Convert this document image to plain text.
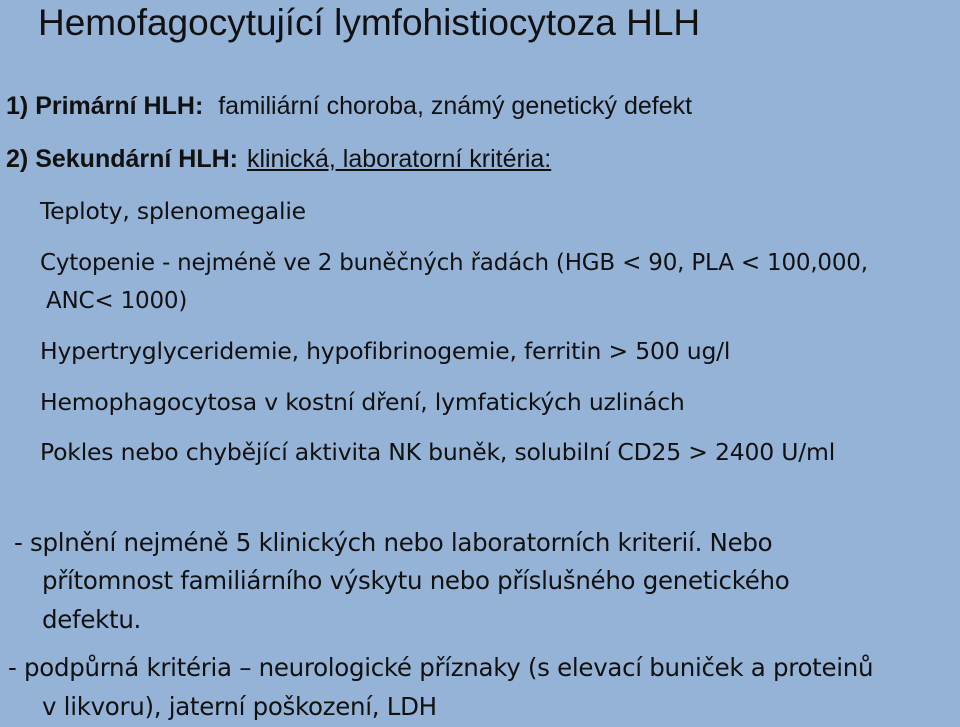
Hemofagocytující lymfohistiocytoza HLH
1) Primární HLH: familiární choroba, známý genetický defekt
2) Sekundární HLH: klinická, laboratorní kritéria:
Teploty, splenomegalie
Cytopenie - nejméně ve 2 buněčných řadách (HGB < 90, PLA < 100,000,
ANC< 1000)
Hypertryglyceridemie, hypofibrinogemie, ferritin > 500 ug/l
Hemophagocytosa v kostní dření, lymfatických uzlinách
Pokles nebo chybějící aktivita NK buněk, solubilní CD25 > 2400 U/ml
- splnění nejméně 5 klinických nebo laboratorních kriterií. Nebo
přítomnost familiárního výskytu nebo příslušného genetického
defektu.
- podpůrná kritéria – neurologické příznaky (s elevací buniček a proteinů
v likvoru), jaterní poškození, LDH
